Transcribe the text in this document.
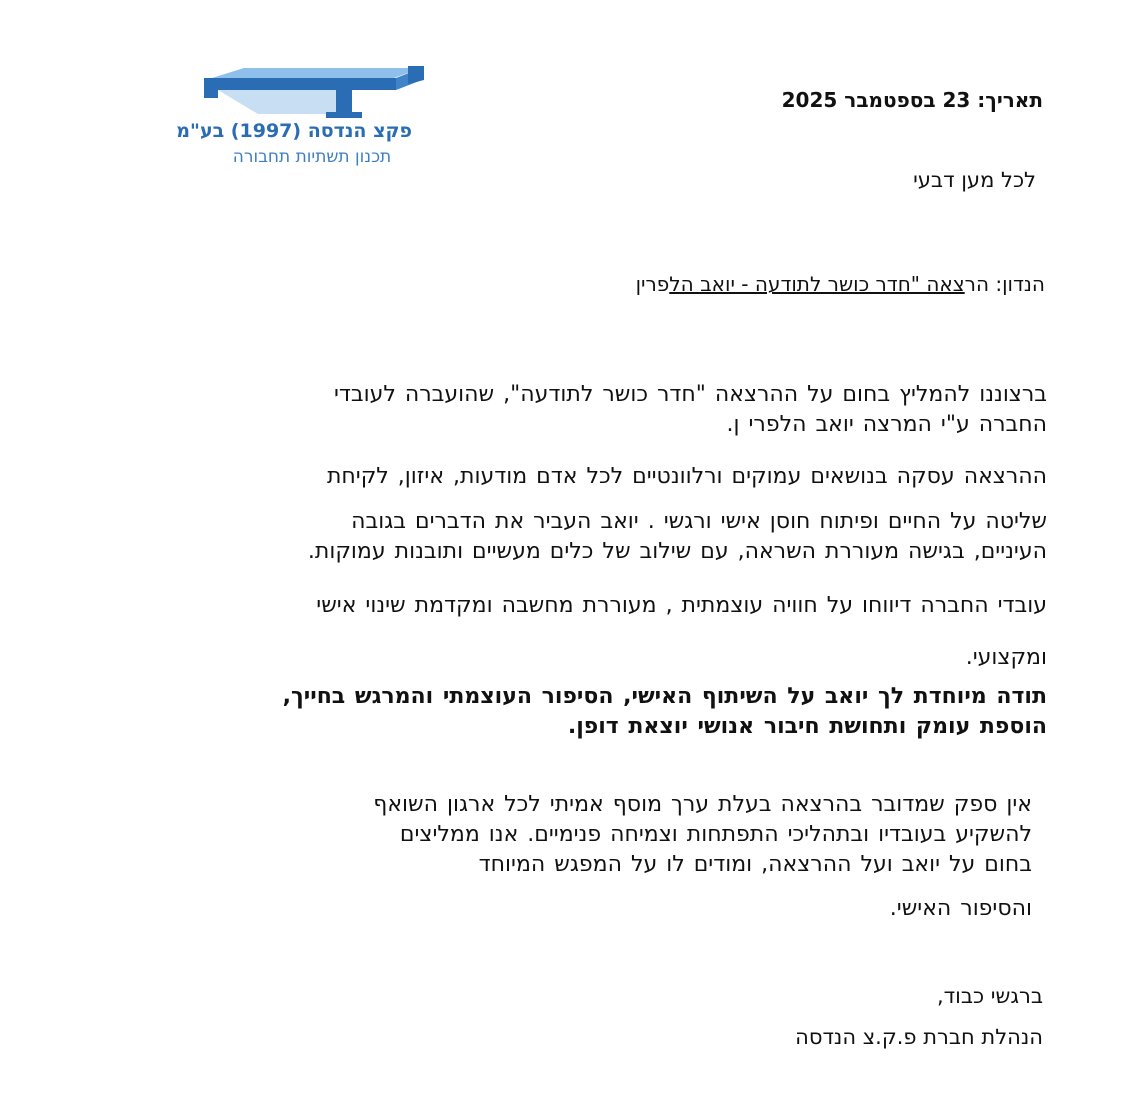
פקצ הנדסה (1997) בע"מ
תכנון תשתיות תחבורה
תאריך: 23 בספטמבר 2025
לכל מען דבעי
הנדון: הרצאה "חדר כושר לתודעה - יואב הלפרין
ברצוננו להמליץ בחום על ההרצאה "חדר כושר לתודעה", שהועברה לעובדי
החברה ע"י המרצה יואב הלפרי ן.
ההרצאה עסקה בנושאים עמוקים ורלוונטיים לכל אדם מודעות, איזון, לקיחת
שליטה על החיים ופיתוח חוסן אישי ורגשי . יואב העביר את הדברים בגובה
העיניים, בגישה מעוררת השראה, עם שילוב של כלים מעשיים ותובנות עמוקות.
עובדי החברה דיווחו על חוויה עוצמתית , מעוררת מחשבה ומקדמת שינוי אישי
ומקצועי.
תודה מיוחדת לך יואב על השיתוף האישי, הסיפור העוצמתי והמרגש בחייך,
הוספת עומק ותחושת חיבור אנושי יוצאת דופן.
אין ספק שמדובר בהרצאה בעלת ערך מוסף אמיתי לכל ארגון השואף
להשקיע בעובדיו ובתהליכי התפתחות וצמיחה פנימיים. אנו ממליצים
בחום על יואב ועל ההרצאה, ומודים לו על המפגש המיוחד
והסיפור האישי.
ברגשי כבוד,
הנהלת חברת פ.ק.צ הנדסה
